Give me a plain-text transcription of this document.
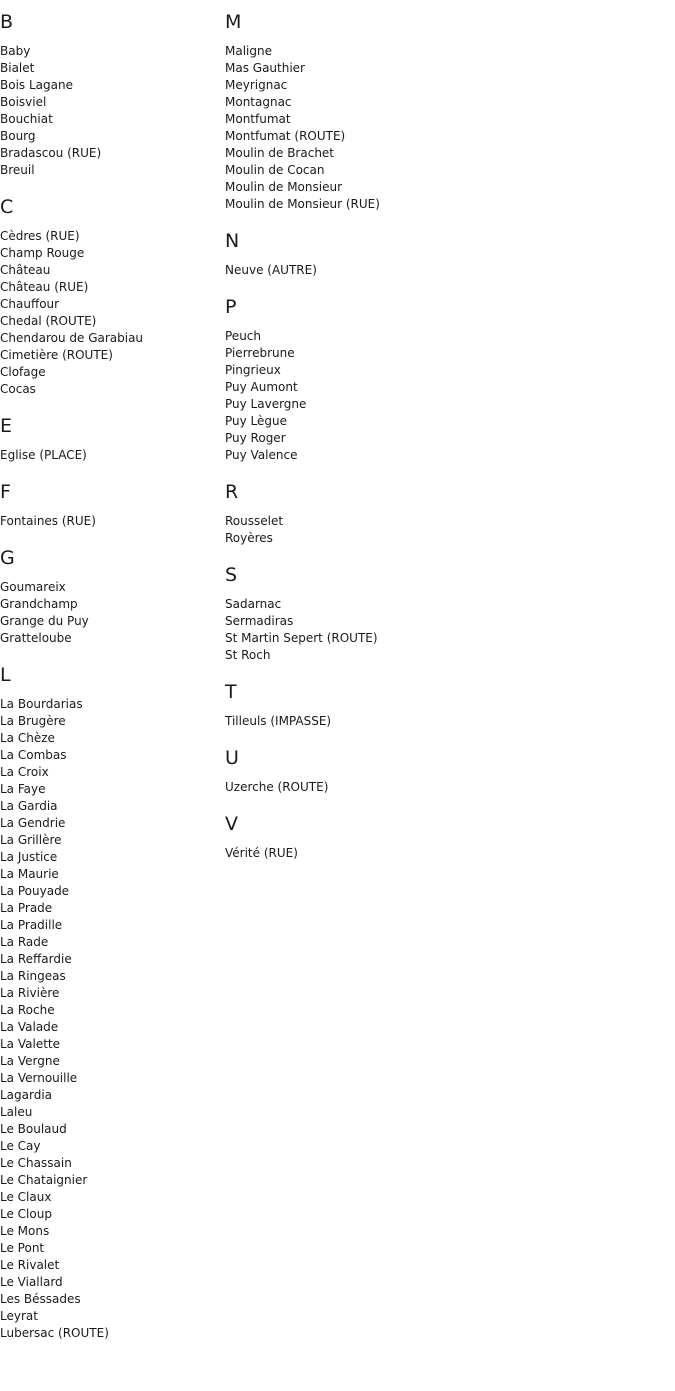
B
Baby
Bialet
Bois Lagane
Boisviel
Bouchiat
Bourg
Bradascou (RUE)
Breuil
C
Cèdres (RUE)
Champ Rouge
Château
Château (RUE)
Chauffour
Chedal (ROUTE)
Chendarou de Garabiau
Cimetière (ROUTE)
Clofage
Cocas
E
Eglise (PLACE)
F
Fontaines (RUE)
G
Goumareix
Grandchamp
Grange du Puy
Gratteloube
L
La Bourdarias
La Brugère
La Chèze
La Combas
La Croix
La Faye
La Gardia
La Gendrie
La Grillère
La Justice
La Maurie
La Pouyade
La Prade
La Pradille
La Rade
La Reffardie
La Ringeas
La Rivière
La Roche
La Valade
La Valette
La Vergne
La Vernouille
Lagardia
Laleu
Le Boulaud
Le Cay
Le Chassain
Le Chataignier
Le Claux
Le Cloup
Le Mons
Le Pont
Le Rivalet
Le Viallard
Les Béssades
Leyrat
Lubersac (ROUTE)
M
Maligne
Mas Gauthier
Meyrignac
Montagnac
Montfumat
Montfumat (ROUTE)
Moulin de Brachet
Moulin de Cocan
Moulin de Monsieur
Moulin de Monsieur (RUE)
N
Neuve (AUTRE)
P
Peuch
Pierrebrune
Pingrieux
Puy Aumont
Puy Lavergne
Puy Lègue
Puy Roger
Puy Valence
R
Rousselet
Royères
S
Sadarnac
Sermadiras
St Martin Sepert (ROUTE)
St Roch
T
Tilleuls (IMPASSE)
U
Uzerche (ROUTE)
V
Vérité (RUE)
